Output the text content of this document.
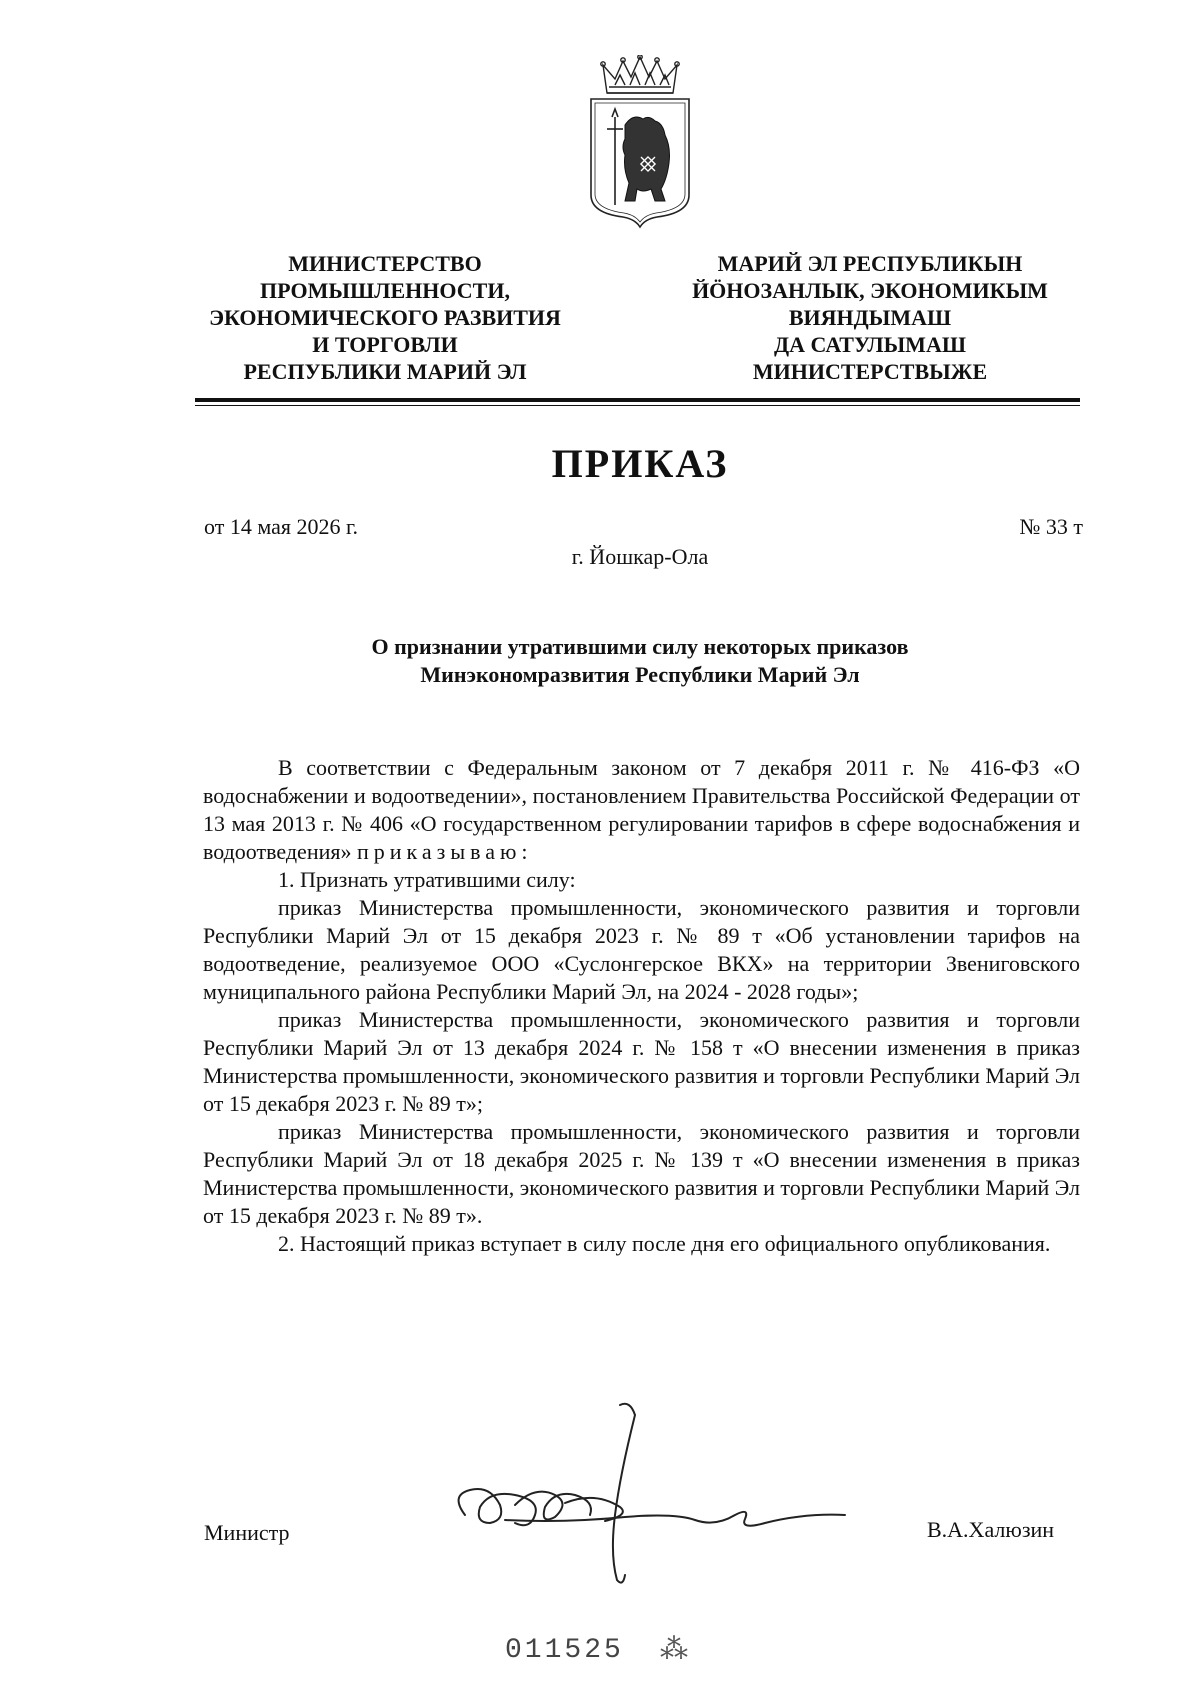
МИНИСТЕРСТВО
ПРОМЫШЛЕННОСТИ,
ЭКОНОМИЧЕСКОГО РАЗВИТИЯ
И ТОРГОВЛИ
РЕСПУБЛИКИ МАРИЙ ЭЛ
МАРИЙ ЭЛ РЕСПУБЛИКЫН
ЙÖНОЗАНЛЫК, ЭКОНОМИКЫМ
ВИЯНДЫМАШ
ДА САТУЛЫМАШ
МИНИСТЕРСТВЫЖЕ
ПРИКАЗ
от 14 мая 2026 г.	№ 33 т
г. Йошкар-Ола
О признании утратившими силу некоторых приказов
Минэкономразвития Республики Марий Эл

В соответствии с Федеральным законом от 7 декабря 2011 г. № 416-ФЗ «О водоснабжении и водоотведении», постановлением Правительства Российской Федерации от 13 мая 2013 г. № 406 «О государственном регулировании тарифов в сфере водоснабжения и водоотведения» приказываю:

1. Признать утратившими силу:

приказ Министерства промышленности, экономического развития и торговли Республики Марий Эл от 15 декабря 2023 г. № 89 т «Об установлении тарифов на водоотведение, реализуемое ООО «Суслонгерское ВКХ» на территории Звениговского муниципального района Республики Марий Эл, на 2024 - 2028 годы»;

приказ Министерства промышленности, экономического развития и торговли Республики Марий Эл от 13 декабря 2024 г. № 158 т «О внесении изменения в приказ Министерства промышленности, экономического развития и торговли Республики Марий Эл от 15 декабря 2023 г. № 89 т»;

приказ Министерства промышленности, экономического развития и торговли Республики Марий Эл от 18 декабря 2025 г. № 139 т «О внесении изменения в приказ Министерства промышленности, экономического развития и торговли Республики Марий Эл от 15 декабря 2023 г. № 89 т».

2. Настоящий приказ вступает в силу после дня его официального опубликования.

Министр	В.А.Халюзин
011525 ⁂
